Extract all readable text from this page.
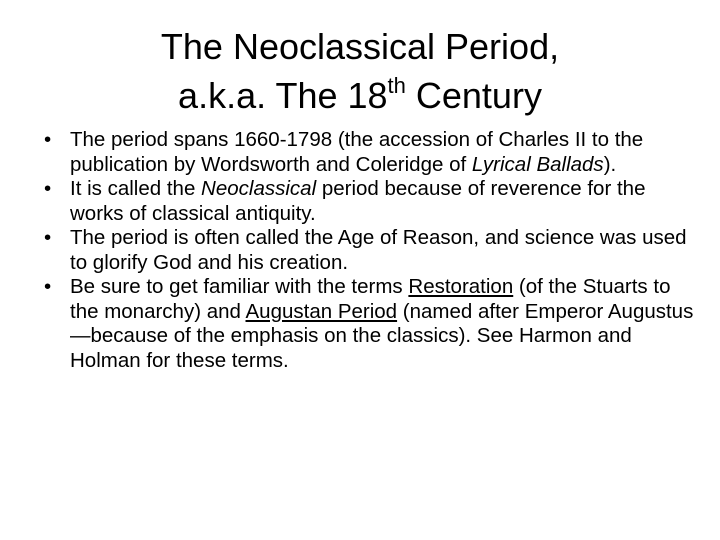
The Neoclassical Period,
a.k.a. The 18th Century
• The period spans 1660-1798 (the accession of Charles II to the publication by Wordsworth and Coleridge of Lyrical Ballads).
• It is called the Neoclassical period because of reverence for the works of classical antiquity.
• The period is often called the Age of Reason, and science was used to glorify God and his creation.
• Be sure to get familiar with the terms Restoration (of the Stuarts to the monarchy) and Augustan Period (named after Emperor Augustus—because of the emphasis on the classics). See Harmon and Holman for these terms.
